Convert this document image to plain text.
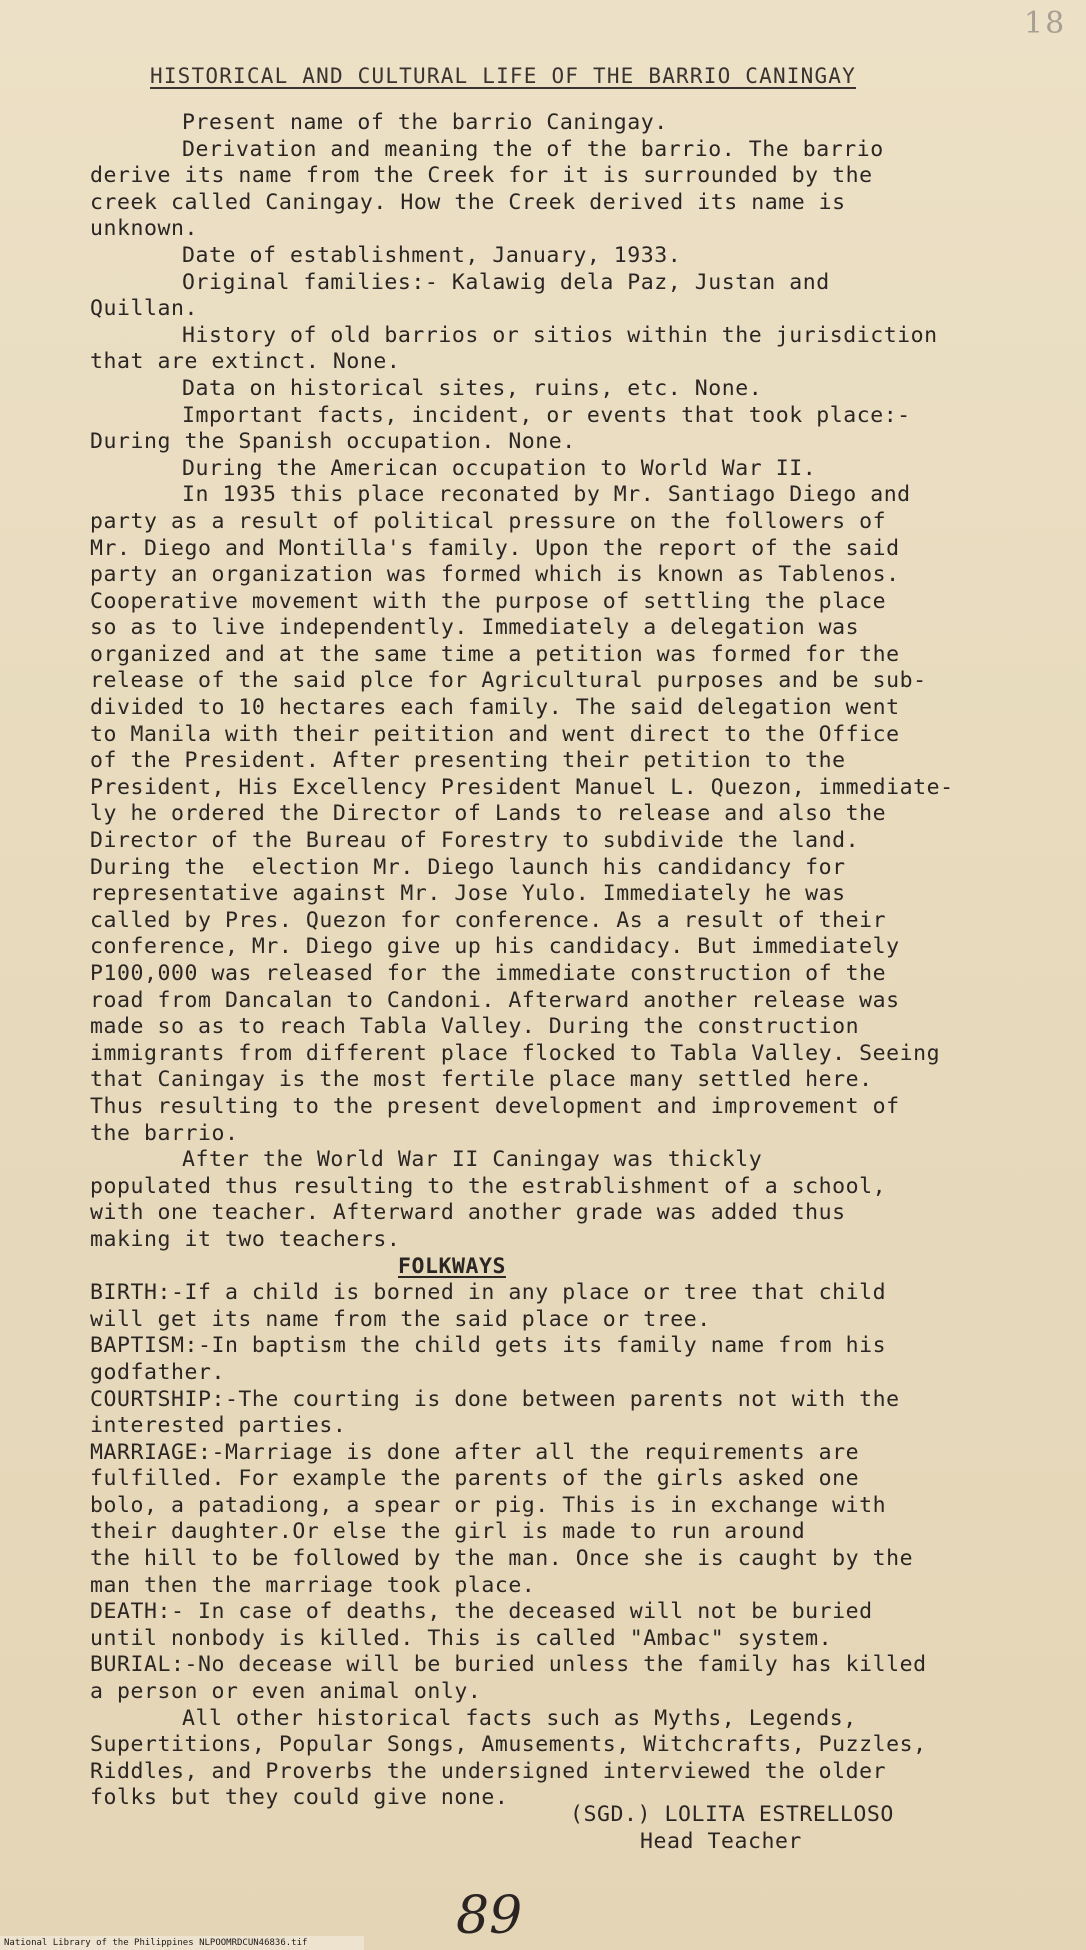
18
HISTORICAL AND CULTURAL LIFE OF THE BARRIO CANINGAY
Present name of the barrio Caningay.
Derivation and meaning the of the barrio. The barrio
derive its name from the Creek for it is surrounded by the
creek called Caningay. How the Creek derived its name is
unknown.
Date of establishment, January, 1933.
Original families:- Kalawig dela Paz, Justan and
Quillan.
History of old barrios or sitios within the jurisdiction
that are extinct. None.
Data on historical sites, ruins, etc. None.
Important facts, incident, or events that took place:-
During the Spanish occupation. None.
During the American occupation to World War II.
In 1935 this place reconated by Mr. Santiago Diego and
party as a result of political pressure on the followers of
Mr. Diego and Montilla's family. Upon the report of the said
party an organization was formed which is known as Tablenos.
Cooperative movement with the purpose of settling the place
so as to live independently. Immediately a delegation was
organized and at the same time a petition was formed for the
release of the said plce for Agricultural purposes and be sub-
divided to 10 hectares each family. The said delegation went
to Manila with their peitition and went direct to the Office
of the President. After presenting their petition to the
President, His Excellency President Manuel L. Quezon, immediate-
ly he ordered the Director of Lands to release and also the
Director of the Bureau of Forestry to subdivide the land.
During the  election Mr. Diego launch his candidancy for
representative against Mr. Jose Yulo. Immediately he was
called by Pres. Quezon for conference. As a result of their
conference, Mr. Diego give up his candidacy. But immediately
P100,000 was released for the immediate construction of the
road from Dancalan to Candoni. Afterward another release was
made so as to reach Tabla Valley. During the construction
immigrants from different place flocked to Tabla Valley. Seeing
that Caningay is the most fertile place many settled here.
Thus resulting to the present development and improvement of
the barrio.
After the World War II Caningay was thickly
populated thus resulting to the estrablishment of a school,
with one teacher. Afterward another grade was added thus
making it two teachers.
FOLKWAYS
BIRTH:-If a child is borned in any place or tree that child
will get its name from the said place or tree.
BAPTISM:-In baptism the child gets its family name from his
godfather.
COURTSHIP:-The courting is done between parents not with the
interested parties.
MARRIAGE:-Marriage is done after all the requirements are
fulfilled. For example the parents of the girls asked one
bolo, a patadiong, a spear or pig. This is in exchange with
their daughter.Or else the girl is made to run around
the hill to be followed by the man. Once she is caught by the
man then the marriage took place.
DEATH:- In case of deaths, the deceased will not be buried
until nonbody is killed. This is called "Ambac" system.
BURIAL:-No decease will be buried unless the family has killed
a person or even animal only.
All other historical facts such as Myths, Legends,
Supertitions, Popular Songs, Amusements, Witchcrafts, Puzzles,
Riddles, and Proverbs the undersigned interviewed the older
folks but they could give none.
(SGD.) LOLITA ESTRELLOSO
Head Teacher
89
National Library of the Philippines NLPOOMRDCUN46836.tif
